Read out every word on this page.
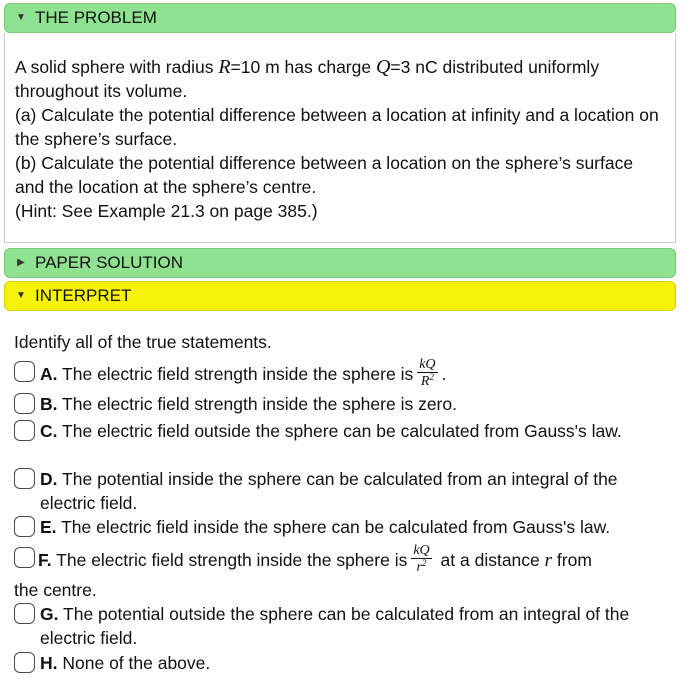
▼ THE PROBLEM

A solid sphere with radius R=10 m has charge Q=3 nC distributed uniformly throughout its volume.

(a) Calculate the potential difference between a location at infinity and a location on the sphere’s surface.

(b) Calculate the potential difference between a location on the sphere’s surface and the location at the sphere’s centre.

(Hint: See Example 21.3 on page 385.)

▶ PAPER SOLUTION
▼ INTERPRET
Identify all of the true statements.
A. The electric field strength inside the sphere is $\frac{kQ}{R^2}$ .
B. The electric field strength inside the sphere is zero.
C. The electric field outside the sphere can be calculated from Gauss's law.
D. The potential inside the sphere can be calculated from an integral of the electric field.
E. The electric field inside the sphere can be calculated from Gauss's law.
F. The electric field strength inside the sphere is $\frac{kQ}{r^2}$ at a distance r from
the centre.
G. The potential outside the sphere can be calculated from an integral of the electric field.
H. None of the above.
